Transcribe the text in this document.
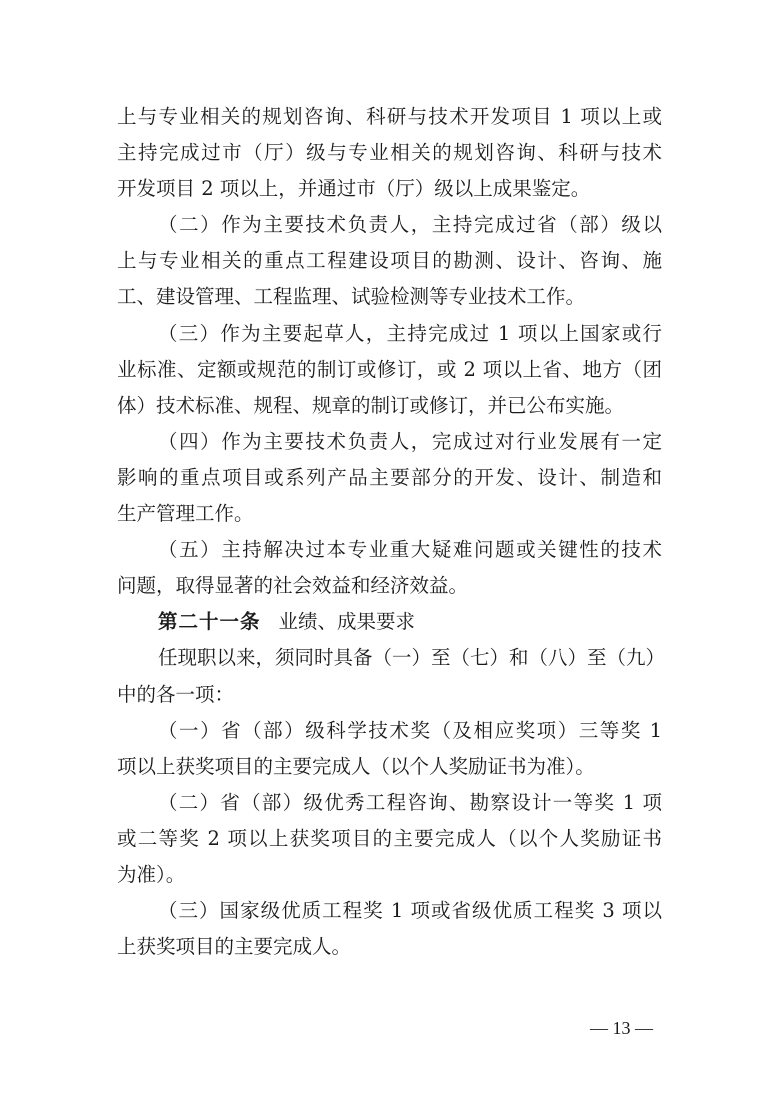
上与专业相关的规划咨询、科研与技术开发项目 1 项以上或
主持完成过市（厅）级与专业相关的规划咨询、科研与技术
开发项目 2 项以上，并通过市（厅）级以上成果鉴定。
（二）作为主要技术负责人，主持完成过省（部）级以
上与专业相关的重点工程建设项目的勘测、设计、咨询、施
工、建设管理、工程监理、试验检测等专业技术工作。
（三）作为主要起草人，主持完成过 1 项以上国家或行
业标准、定额或规范的制订或修订，或 2 项以上省、地方（团
体）技术标准、规程、规章的制订或修订，并已公布实施。
（四）作为主要技术负责人，完成过对行业发展有一定
影响的重点项目或系列产品主要部分的开发、设计、制造和
生产管理工作。
（五）主持解决过本专业重大疑难问题或关键性的技术
问题，取得显著的社会效益和经济效益。
第二十一条 业绩、成果要求
任现职以来，须同时具备（一）至（七）和（八）至（九）
中的各一项：
（一）省（部）级科学技术奖（及相应奖项）三等奖 1
项以上获奖项目的主要完成人（以个人奖励证书为准）。
（二）省（部）级优秀工程咨询、勘察设计一等奖 1 项
或二等奖 2 项以上获奖项目的主要完成人（以个人奖励证书
为准）。
（三）国家级优质工程奖 1 项或省级优质工程奖 3 项以
上获奖项目的主要完成人。
— 13 —
